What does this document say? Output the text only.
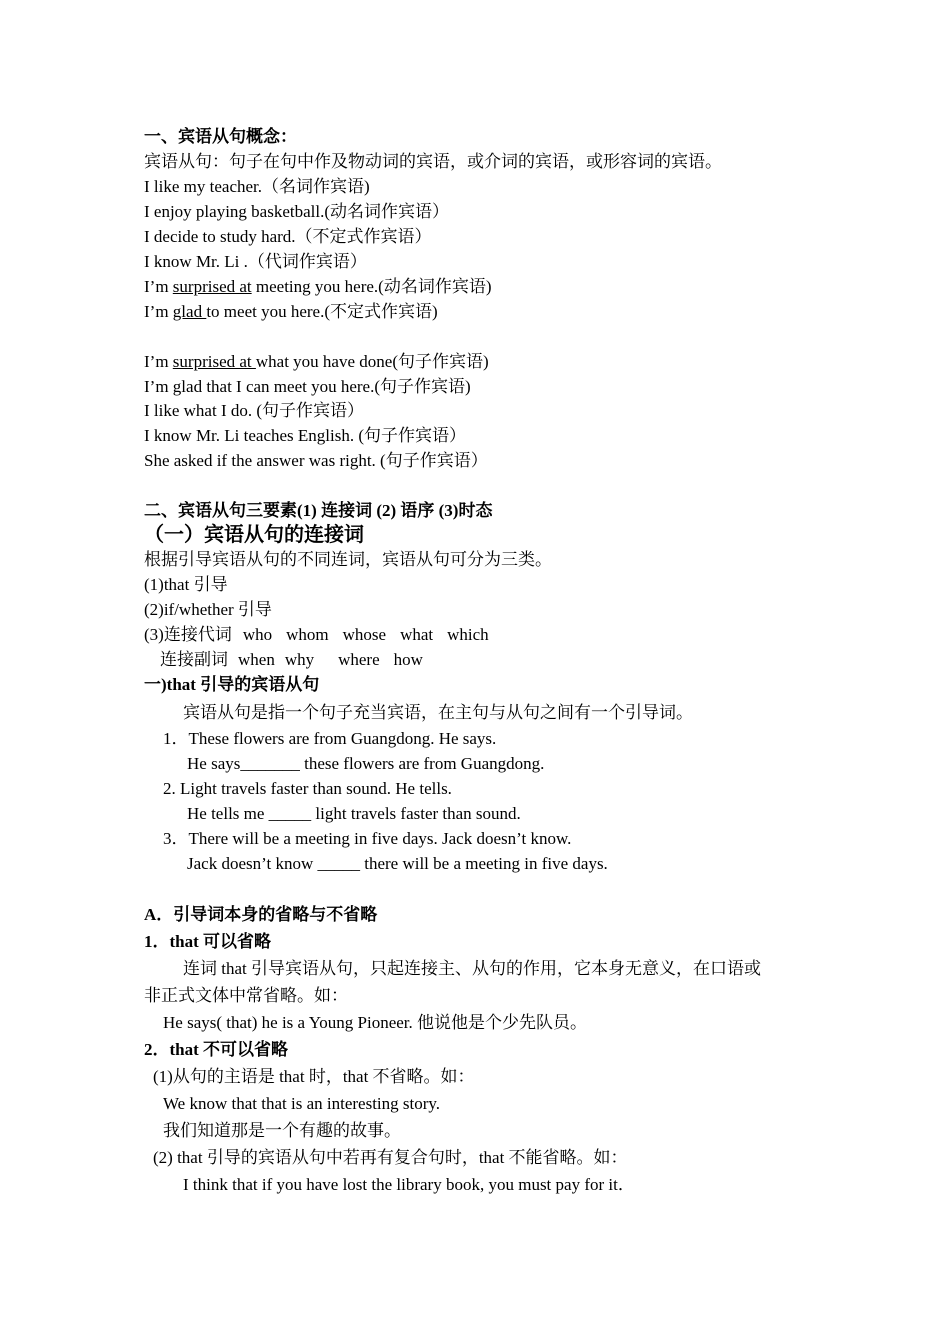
一、宾语从句概念：
宾语从句：句子在句中作及物动词的宾语，或介词的宾语，或形容词的宾语。
I like my teacher.（名词作宾语)
I enjoy playing basketball.(动名词作宾语）
I decide to study hard.（不定式作宾语）
I know Mr. Li .（代词作宾语）
I’m surprised at meeting you here.(动名词作宾语)
I’m glad to meet you here.(不定式作宾语)
I’m surprised at what you have done(句子作宾语)
I’m glad that I can meet you here.(句子作宾语)
I like what I do. (句子作宾语）
I know Mr. Li teaches English. (句子作宾语）
She asked if the answer was right. (句子作宾语）
二、宾语从句三要素(1) 连接词 (2) 语序 (3)时态
（一）宾语从句的连接词
根据引导宾语从句的不同连词，宾语从句可分为三类。
(1)that 引导
(2)if/whether 引导
(3)连接代词 who whom whose what which
连接副词 when why where how
一)that 引导的宾语从句
宾语从句是指一个句子充当宾语，在主句与从句之间有一个引导词。
1．These flowers are from Guangdong. He says.
He says_______ these flowers are from Guangdong.
2. Light travels faster than sound. He tells.
He tells me _____ light travels faster than sound.
3．There will be a meeting in five days. Jack doesn’t know.
Jack doesn’t know _____ there will be a meeting in five days.
A．引导词本身的省略与不省略
1．that 可以省略
连词 that 引导宾语从句，只起连接主、从句的作用，它本身无意义，在口语或
非正式文体中常省略。如：
He says( that) he is a Young Pioneer. 他说他是个少先队员。
2．that 不可以省略
(1)从句的主语是 that 时，that 不省略。如：
We know that that is an interesting story.
我们知道那是一个有趣的故事。
(2) that 引导的宾语从句中若再有复合句时，that 不能省略。如：
I think that if you have lost the library book, you must pay for it．
